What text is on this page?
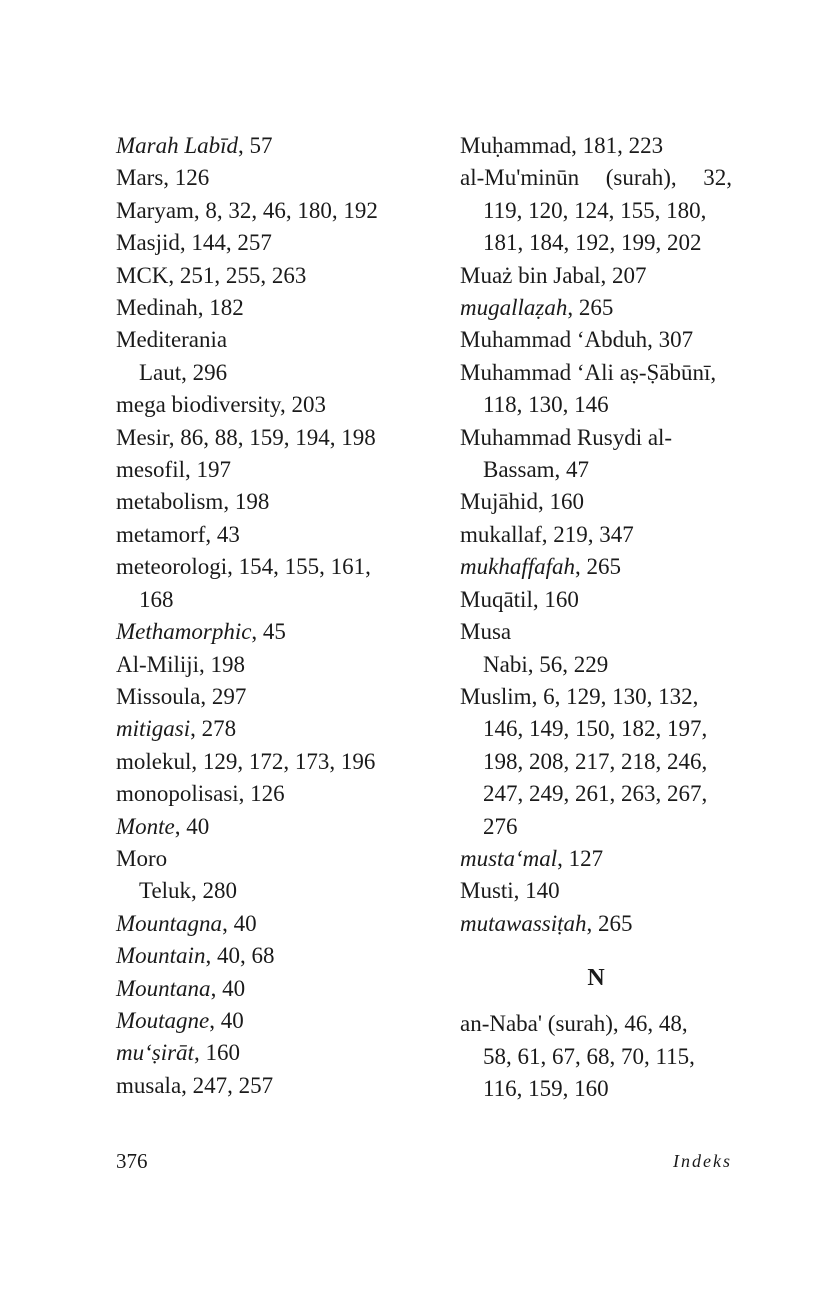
Marah Labīd, 57
Mars, 126
Maryam, 8, 32, 46, 180, 192
Masjid, 144, 257
MCK, 251, 255, 263
Medinah, 182
Mediterania
Laut, 296
mega biodiversity, 203
Mesir, 86, 88, 159, 194, 198
mesofil, 197
metabolism, 198
metamorf, 43
meteorologi, 154, 155, 161,
168
Methamorphic, 45
Al-Miliji, 198
Missoula, 297
mitigasi, 278
molekul, 129, 172, 173, 196
monopolisasi, 126
Monte, 40
Moro
Teluk, 280
Mountagna, 40
Mountain, 40, 68
Mountana, 40
Moutagne, 40
mu‘ṣirāt, 160
musala, 247, 257
Muḥammad, 181, 223
al-Mu'minūn (surah), 32,
119, 120, 124, 155, 180,
181, 184, 192, 199, 202
Muaż bin Jabal, 207
mugallaẓah, 265
Muhammad ‘Abduh, 307
Muhammad ‘Ali aṣ-Ṣābūnī,
118, 130, 146
Muhammad Rusydi al-
Bassam, 47
Mujāhid, 160
mukallaf, 219, 347
mukhaffafah, 265
Muqātil, 160
Musa
Nabi, 56, 229
Muslim, 6, 129, 130, 132,
146, 149, 150, 182, 197,
198, 208, 217, 218, 246,
247, 249, 261, 263, 267,
276
musta‘mal, 127
Musti, 140
mutawassiṭah, 265
N
an-Naba' (surah), 46, 48,
58, 61, 67, 68, 70, 115,
116, 159, 160
376	Indeks
